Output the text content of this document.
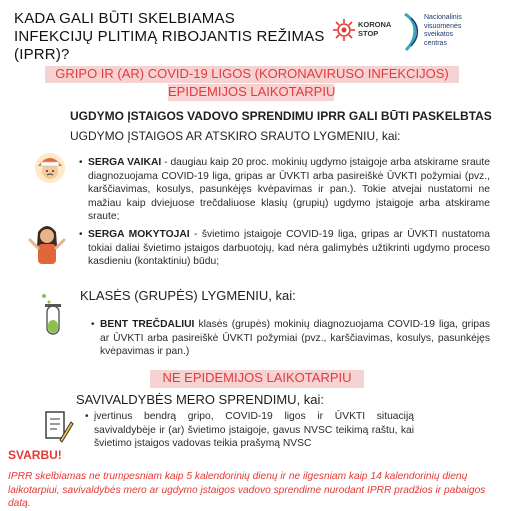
KADA GALI BŪTI SKELBIAMAS
INFEKCIJŲ PLITIMĄ RIBOJANTIS REŽIMAS
(IPRR)?
KORONA
STOP
Nacionalinis
visuomenės
sveikatos
centras
GRIPO IR (AR) COVID-19 LIGOS (KORONAVIRUSO INFEKCIJOS)
EPIDEMIJOS LAIKOTARPIU
UGDYMO ĮSTAIGOS VADOVO SPRENDIMU IPRR GALI BŪTI PASKELBTAS
UGDYMO ĮSTAIGOS AR ATSKIRO SRAUTO LYGMENIU, kai:
• SERGA VAIKAI - daugiau kaip 20 proc. mokinių ugdymo įstaigoje arba atskirame sraute diagnozuojama COVID-19 liga, gripas ar ŪVKTI arba pasireiškė ŪVKTI požymiai (pvz., karščiavimas, kosulys, pasunkėjęs kvėpavimas ir pan.). Tokie atvejai nustatomi ne mažiau kaip dviejuose trečdaliuose klasių (grupių) ugdymo įstaigoje arba atskirame sraute;
• SERGA MOKYTOJAI - švietimo įstaigoje COVID-19 liga, gripas ar ŪVKTI nustatoma tokiai daliai švietimo įstaigos darbuotojų, kad nėra galimybės užtikrinti ugdymo proceso kasdieniu (kontaktiniu) būdu;
KLASĖS (GRUPĖS) LYGMENIU, kai:
• BENT TREČDALIUI klasės (grupės) mokinių diagnozuojama COVID-19 liga, gripas ar ŪVKTI arba pasireiškė ŪVKTI požymiai (pvz., karščiavimas, kosulys, pasunkėjęs kvėpavimas ir pan.)
NE EPIDEMIJOS LAIKOTARPIU
SAVIVALDYBĖS MERO SPRENDIMU, kai:
• įvertinus bendrą gripo, COVID-19 ligos ir ŪVKTI situaciją savivaldybėje ir (ar) švietimo įstaigoje, gavus NVSC teikimą raštu, kai švietimo įstaigos vadovas teikia prašymą NVSC
SVARBU!
IPRR skelbiamas ne trumpesniam kaip 5 kalendorinių dienų ir ne ilgesniam kaip 14 kalendorinių dienų laikotarpiui, savivaldybės mero ar ugdymo įstaigos vadovo sprendime nurodant IPRR pradžios ir pabaigos datą.
